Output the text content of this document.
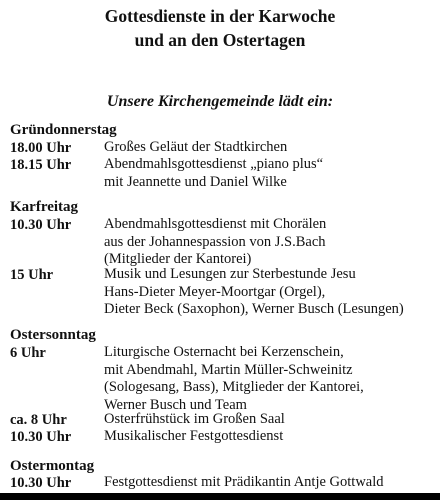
Gottesdienste in der Karwoche
und an den Ostertagen
Unsere Kirchengemeinde lädt ein:
Gründonnerstag
18.00 Uhr Großes Geläut der Stadtkirchen
18.15 Uhr Abendmahlsgottesdienst „piano plus“
mit Jeannette und Daniel Wilke
Karfreitag
10.30 Uhr Abendmahlsgottesdienst mit Chorälen
aus der Johannespassion von J.S.Bach
(Mitglieder der Kantorei)
15 Uhr	Musik und Lesungen zur Sterbestunde Jesu
Hans-Dieter Meyer-Moortgar (Orgel),
Dieter Beck (Saxophon), Werner Busch (Lesungen)
Ostersonntag
6 Uhr	Liturgische Osternacht bei Kerzenschein,
mit Abendmahl, Martin Müller-Schweinitz
(Sologesang, Bass), Mitglieder der Kantorei,
Werner Busch und Team
ca. 8 Uhr	Osterfrühstück im Großen Saal
10.30 Uhr Musikalischer Festgottesdienst
Ostermontag
10.30 Uhr Festgottesdienst mit Prädikantin Antje Gottwald
